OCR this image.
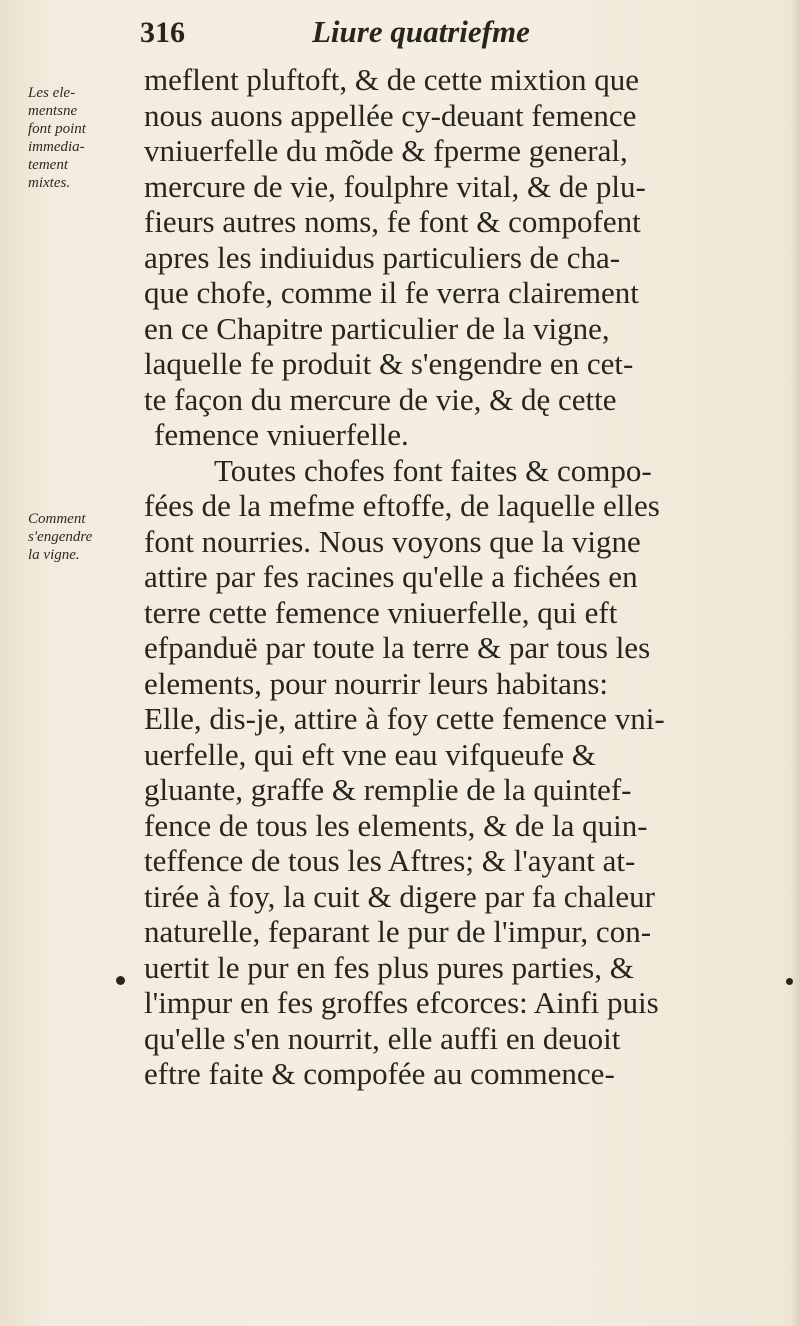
316	Liure quatriefme
Les ele-
mentsne
font point
immedia-
tement
mixtes.
Comment
s'engendre
la vigne.
meflent pluftoft, & de cette mixtion que
nous auons appellée cy-deuant femence
vniuerfelle du mõde & fperme general,
mercure de vie, foulphre vital, & de plu-
fieurs autres noms, fe font & compofent
apres les indiuidus particuliers de cha-
que chofe, comme il fe verra clairement
en ce Chapitre particulier de la vigne,
laquelle fe produit & s'engendre en cet-
te façon du mercure de vie, & dę cette
femence vniuerfelle.
Toutes chofes font faites & compo-
fées de la mefme eftoffe, de laquelle elles
font nourries. Nous voyons que la vigne
attire par fes racines qu'elle a fichées en
terre cette femence vniuerfelle, qui eft
efpanduë par toute la terre & par tous les
elements, pour nourrir leurs habitans:
Elle, dis-je, attire à foy cette femence vni-
uerfelle, qui eft vne eau vifqueufe &
gluante, graffe & remplie de la quintef-
fence de tous les elements, & de la quin-
teffence de tous les Aftres; & l'ayant at-
tirée à foy, la cuit & digere par fa chaleur
naturelle, feparant le pur de l'impur, con-
uertit le pur en fes plus pures parties, &
l'impur en fes groffes efcorces: Ainfi puis
qu'elle s'en nourrit, elle auffi en deuoit
eftre faite & compofée au commence-
